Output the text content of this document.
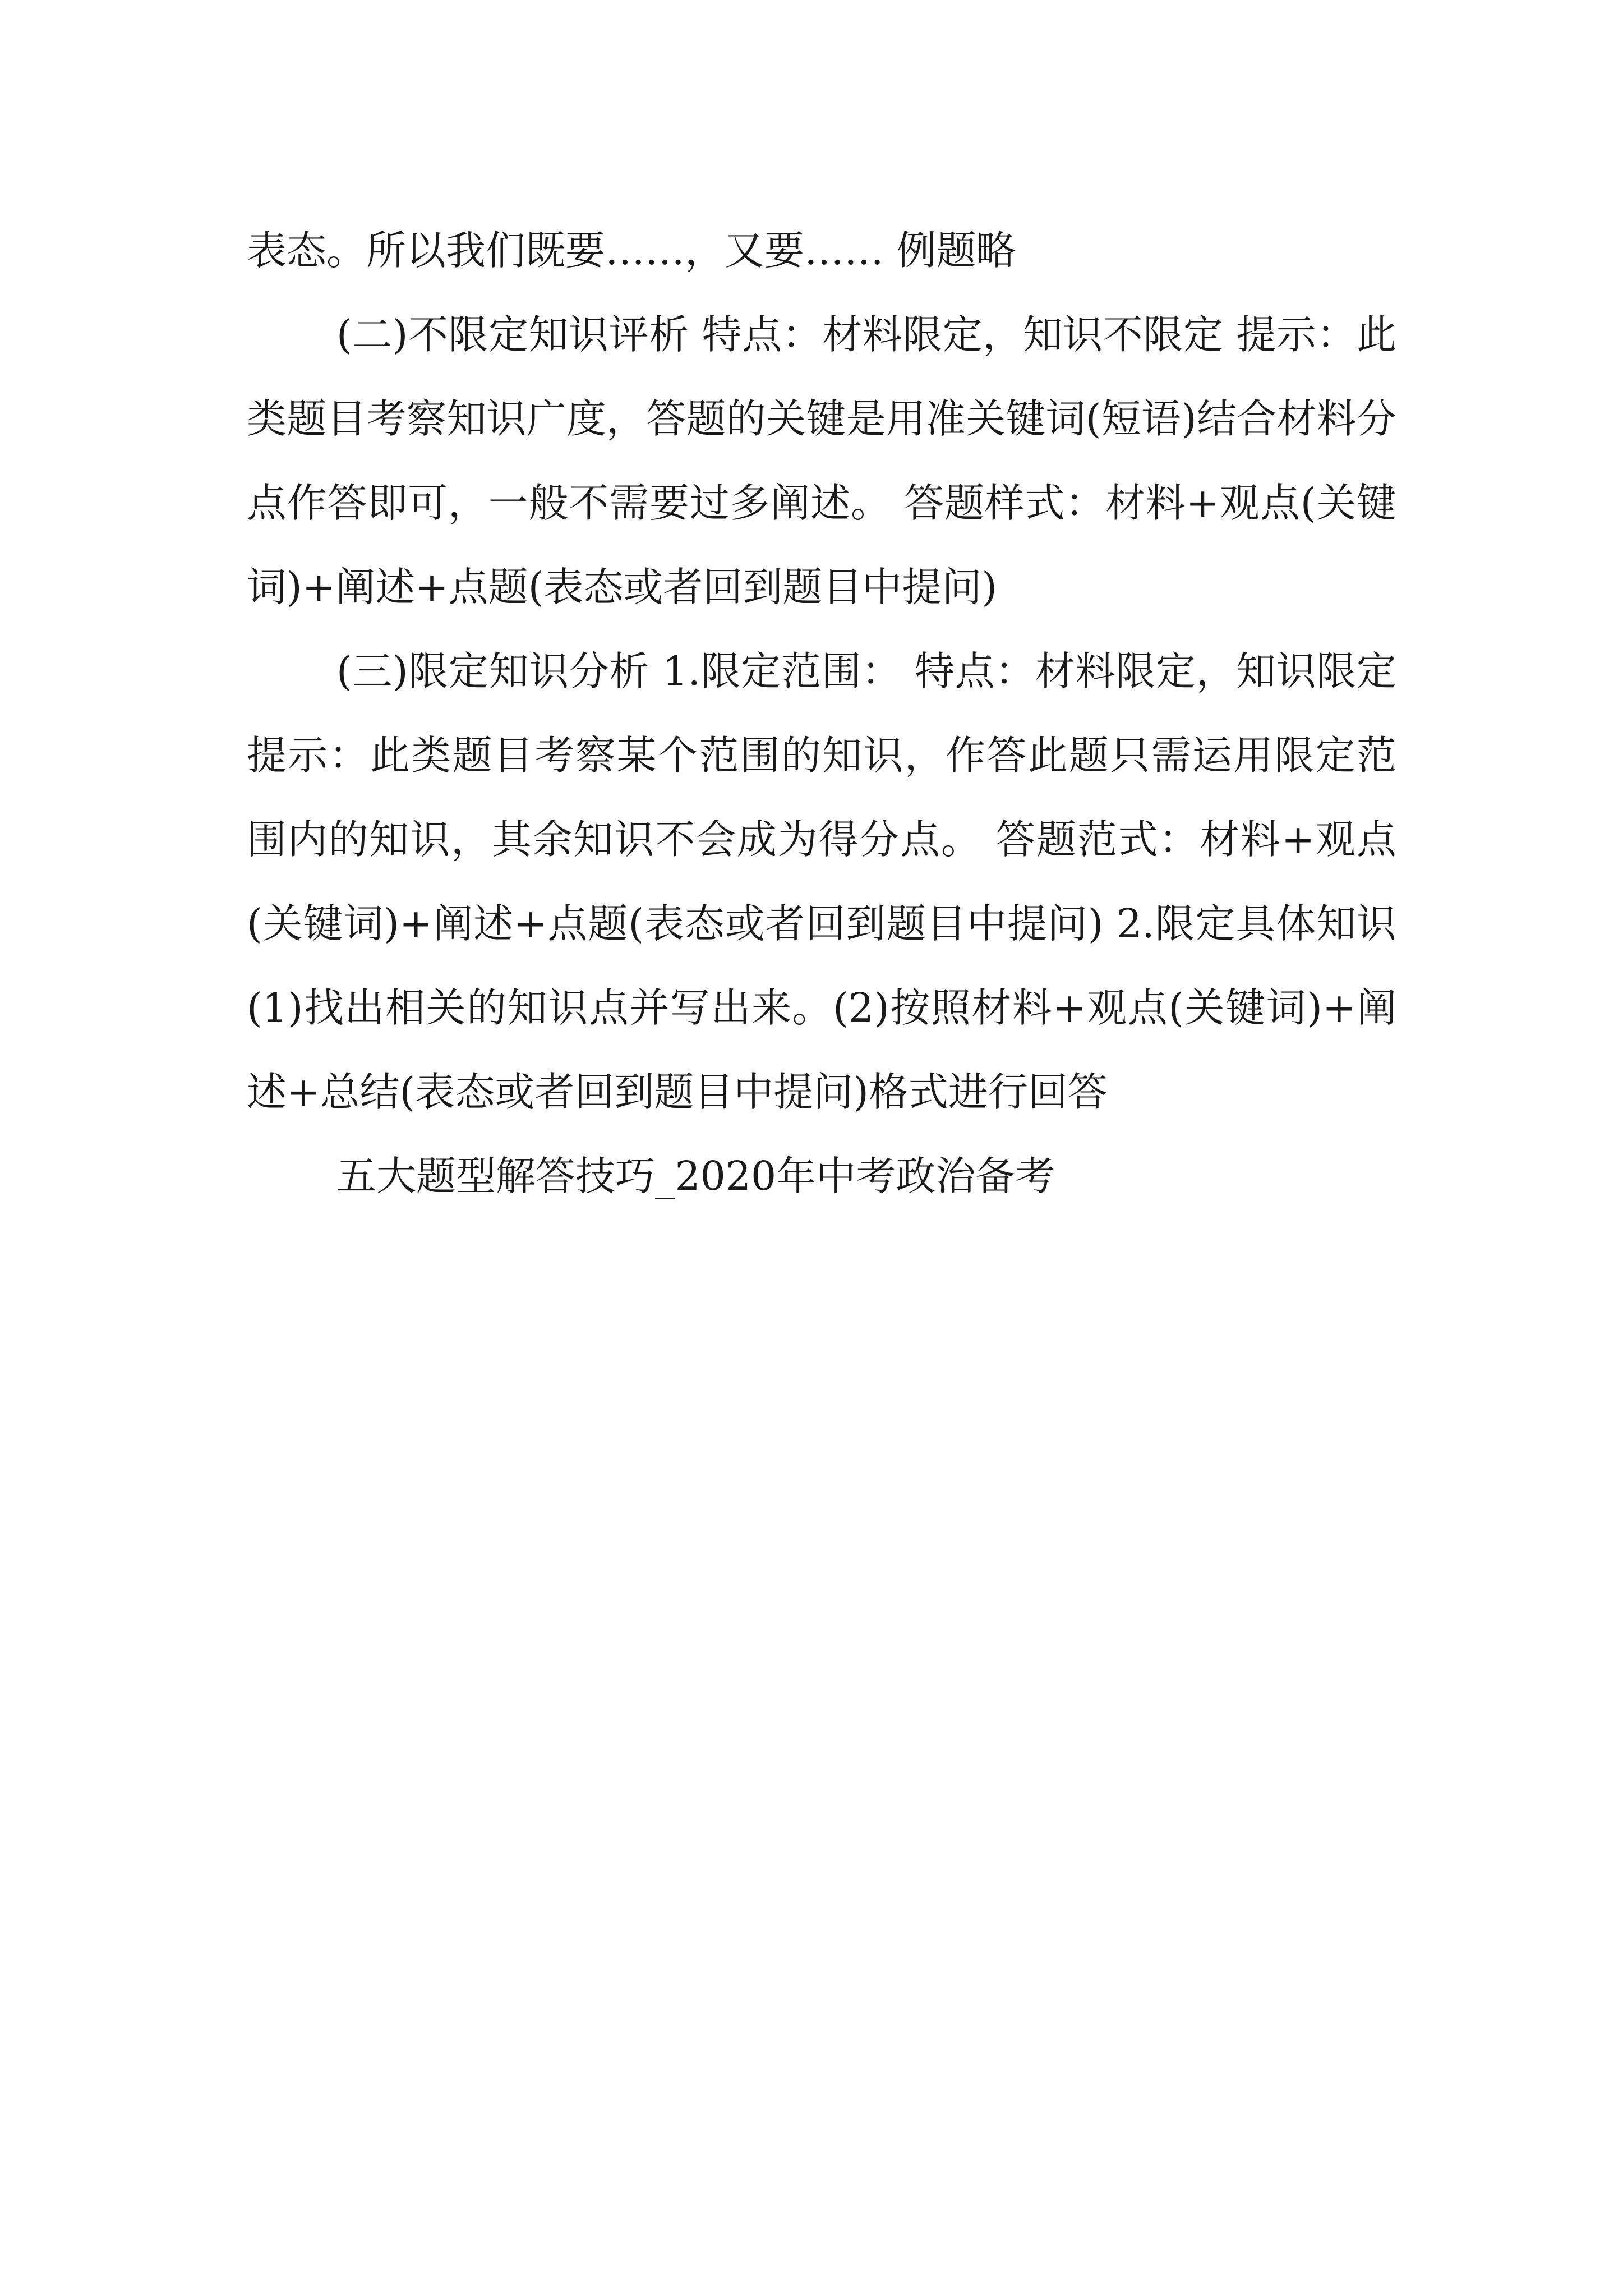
表态。所以我们既要……，又要…… 例题略

(二)不限定知识评析 特点：材料限定，知识不限定 提示：此类题目考察知识广度，答题的关键是用准关键词(短语)结合材料分点作答即可，一般不需要过多阐述。 答题样式：材料+观点(关键词)+阐述+点题(表态或者回到题目中提问)

(三)限定知识分析 1.限定范围： 特点：材料限定，知识限定 提示：此类题目考察某个范围的知识，作答此题只需运用限定范围内的知识，其余知识不会成为得分点。 答题范式：材料+观点(关键词)+阐述+点题(表态或者回到题目中提问) 2.限定具体知识 (1)找出相关的知识点并写出来。(2)按照材料+观点(关键词)+阐述+总结(表态或者回到题目中提问)格式进行回答

五大题型解答技巧_2020年中考政治备考
